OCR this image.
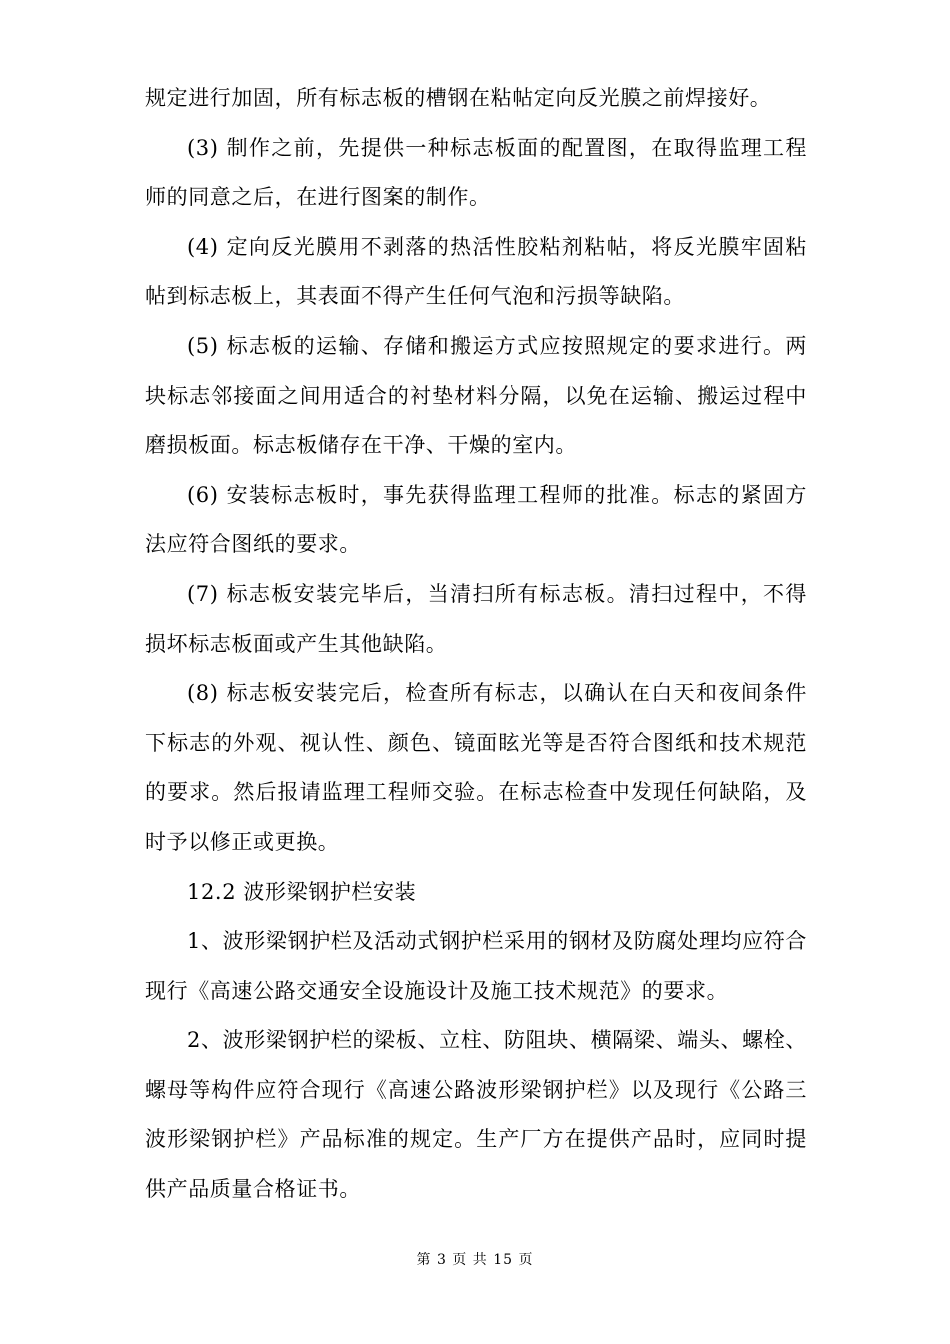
规定进行加固，所有标志板的槽钢在粘帖定向反光膜之前焊接好。

(3) 制作之前，先提供一种标志板面的配置图，在取得监理工程师的同意之后，在进行图案的制作。

(4) 定向反光膜用不剥落的热活性胶粘剂粘帖，将反光膜牢固粘帖到标志板上，其表面不得产生任何气泡和污损等缺陷。

(5) 标志板的运输、存储和搬运方式应按照规定的要求进行。两块标志邻接面之间用适合的衬垫材料分隔，以免在运输、搬运过程中磨损板面。标志板储存在干净、干燥的室内。

(6) 安装标志板时，事先获得监理工程师的批准。标志的紧固方法应符合图纸的要求。

(7) 标志板安装完毕后，当清扫所有标志板。清扫过程中，不得损坏标志板面或产生其他缺陷。

(8) 标志板安装完后，检查所有标志，以确认在白天和夜间条件下标志的外观、视认性、颜色、镜面眩光等是否符合图纸和技术规范的要求。然后报请监理工程师交验。在标志检查中发现任何缺陷，及时予以修正或更换。

12.2 波形梁钢护栏安装

1、波形梁钢护栏及活动式钢护栏采用的钢材及防腐处理均应符合现行《高速公路交通安全设施设计及施工技术规范》的要求。

2、波形梁钢护栏的梁板、立柱、防阻块、横隔梁、端头、螺栓、螺母等构件应符合现行《高速公路波形梁钢护栏》以及现行《公路三波形梁钢护栏》产品标准的规定。生产厂方在提供产品时，应同时提供产品质量合格证书。

第 3 页 共 15 页
